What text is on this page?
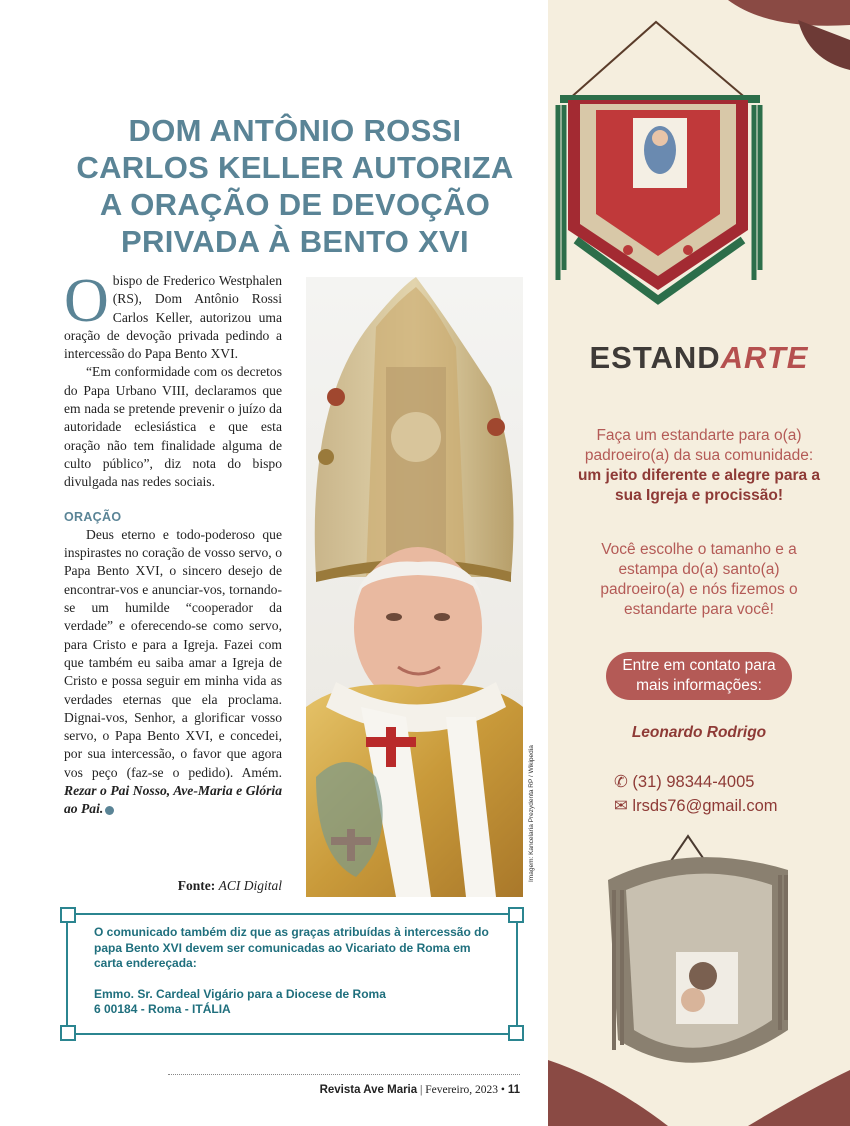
DOM ANTÔNIO ROSSI
CARLOS KELLER AUTORIZA
A ORAÇÃO DE DEVOÇÃO
PRIVADA À BENTO XVI

Obispo de Frederico Westphalen (RS), Dom Antônio Rossi Carlos Keller, autorizou uma oração de devoção privada pedindo a intercessão do Papa Bento XVI.

“Em conformidade com os decretos do Papa Urbano VIII, declaramos que em nada se pretende prevenir o juízo da autoridade eclesiástica e que esta oração não tem finalidade alguma de culto público”, diz nota do bispo divulgada nas redes sociais.

ORAÇÃO

Deus eterno e todo-poderoso que inspirastes no coração de vosso servo, o Papa Bento XVI, o sincero desejo de encontrar-vos e anunciar-vos, tornando-se um humilde “cooperador da verdade” e oferecendo-se como servo, para Cristo e para a Igreja. Fazei com que também eu saiba amar a Igreja de Cristo e possa seguir em minha vida as verdades eternas que ela proclama. Dignai-vos, Senhor, a glorificar vosso servo, o Papa Bento XVI, e concedei, por sua intercessão, o favor que agora vos peço (faz-se o pedido). Amém. Rezar o Pai Nosso, Ave-Maria e Glória ao Pai.

Fonte: ACI Digital
Imagem: Kancelaria Prezydenta RP / Wikipedia

O comunicado também diz que as graças atribuídas à intercessão do papa Bento XVI devem ser comunicadas ao Vicariato de Roma em carta endereçada:

Emmo. Sr. Cardeal Vigário para a Diocese de Roma

6 00184 - Roma - ITÁLIA

Revista Ave Maria | Fevereiro, 2023 • 11
ESTANDARTE
Faça um estandarte para o(a) padroeiro(a) da sua comunidade:
um jeito diferente e alegre para a sua Igreja e procissão!
Você escolhe o tamanho e a estampa do(a) santo(a) padroeiro(a) e nós fizemos o estandarte para você!
Entre em contato para mais informações:
Leonardo Rodrigo
✆ (31) 98344-4005
✉ lrsds76@gmail.com
